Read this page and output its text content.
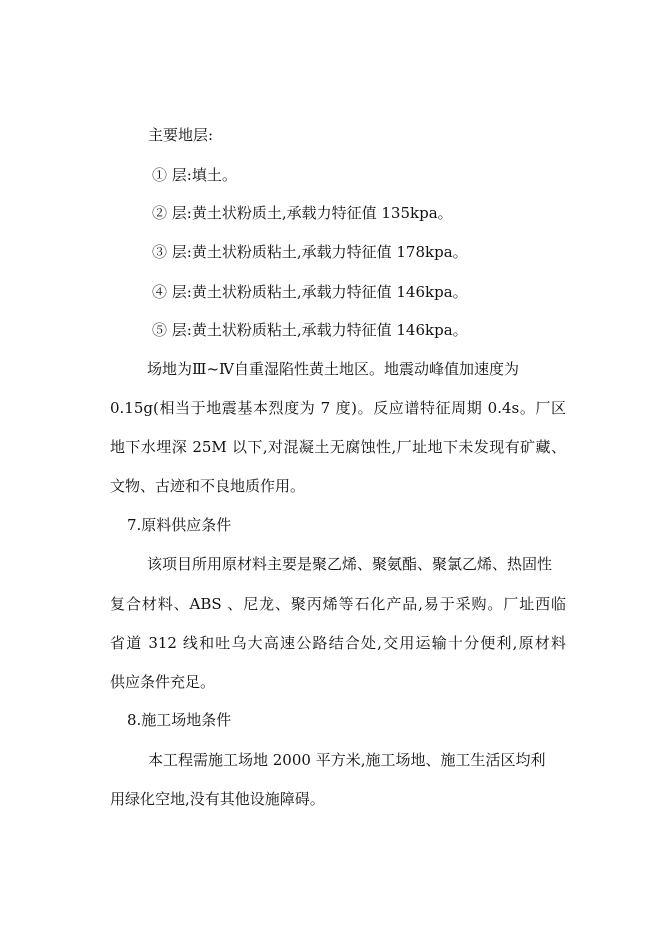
主要地层:

① 层:填土。
② 层:黄土状粉质土,承载力特征值 135kpa。
③ 层:黄土状粉质粘土,承载力特征值 178kpa。
④ 层:黄土状粉质粘土,承载力特征值 146kpa。
⑤ 层:黄土状粉质粘土,承载力特征值 146kpa。

场地为Ⅲ~Ⅳ自重湿陷性黄土地区。地震动峰值加速度为

0.15g(相当于地震基本烈度为 7 度)。反应谱特征周期 0.4s。厂区

地下水埋深 25M 以下,对混凝土无腐蚀性,厂址地下未发现有矿藏、

文物、古迹和不良地质作用。

7.原料供应条件

该项目所用原材料主要是聚乙烯、聚氨酯、聚氯乙烯、热固性

复合材料、ABS 、尼龙、聚丙烯等石化产品,易于采购。厂址西临

省道 312 线和吐乌大高速公路结合处,交用运输十分便利,原材料

供应条件充足。

8.施工场地条件

本工程需施工场地 2000 平方米,施工场地、施工生活区均利

用绿化空地,没有其他设施障碍。
